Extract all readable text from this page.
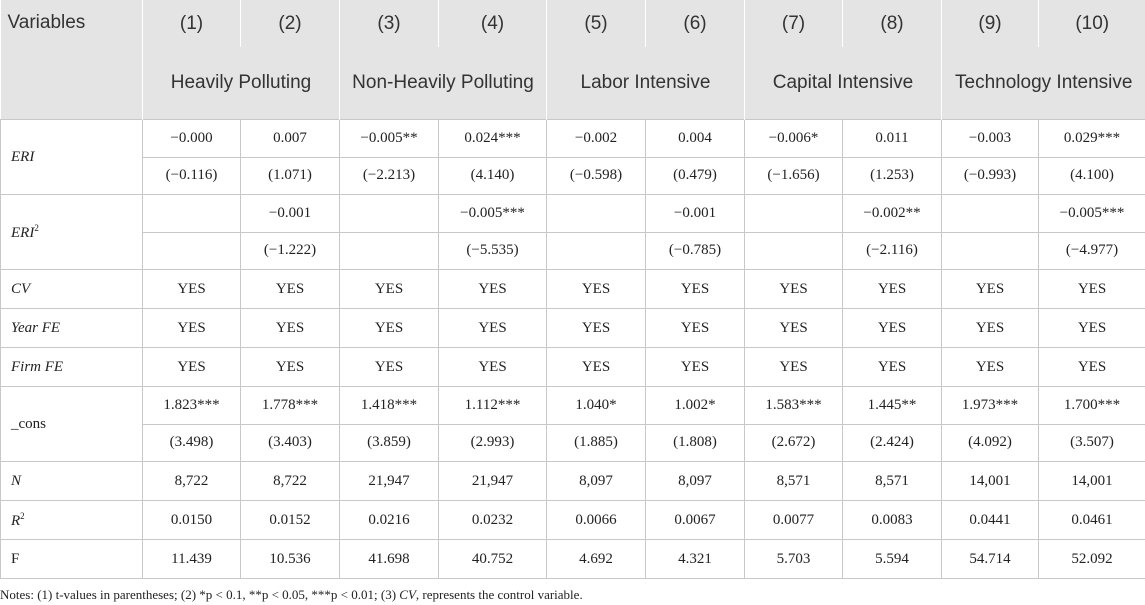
Variables	(1)	(2)	(3)	(4)	(5)	(6)	(7)	(8)	(9)	(10)
	Heavily Polluting		Non-Heavily Polluting		Labor Intensive		Capital Intensive		Technology Intensive	
ERI	−0.000	0.007	−0.005**	0.024***	−0.002	0.004	−0.006*	0.011	−0.003	0.029***
	(−0.116)	(1.071)	(−2.213)	(4.140)	(−0.598)	(0.479)	(−1.656)	(1.253)	(−0.993)	(4.100)
ERI$^2$		−0.001		−0.005***		−0.001		−0.002**		−0.005***
		(−1.222)		(−5.535)		(−0.785)		(−2.116)		(−4.977)
CV	YES	YES	YES	YES	YES	YES	YES	YES	YES	YES
Year FE	YES	YES	YES	YES	YES	YES	YES	YES	YES	YES
Firm FE	YES	YES	YES	YES	YES	YES	YES	YES	YES	YES
_cons	1.823***	1.778***	1.418***	1.112***	1.040*	1.002*	1.583***	1.445**	1.973***	1.700***
	(3.498)	(3.403)	(3.859)	(2.993)	(1.885)	(1.808)	(2.672)	(2.424)	(4.092)	(3.507)
N	8,722	8,722	21,947	21,947	8,097	8,097	8,571	8,571	14,001	14,001
$R^2$	0.0150	0.0152	0.0216	0.0232	0.0066	0.0067	0.0077	0.0083	0.0441	0.0461
F	11.439	10.536	41.698	40.752	4.692	4.321	5.703	5.594	54.714	52.092
Notes: (1) t-values in parentheses; (2) *p < 0.1, **p < 0.05, ***p < 0.01; (3) CV, represents the control variable.
